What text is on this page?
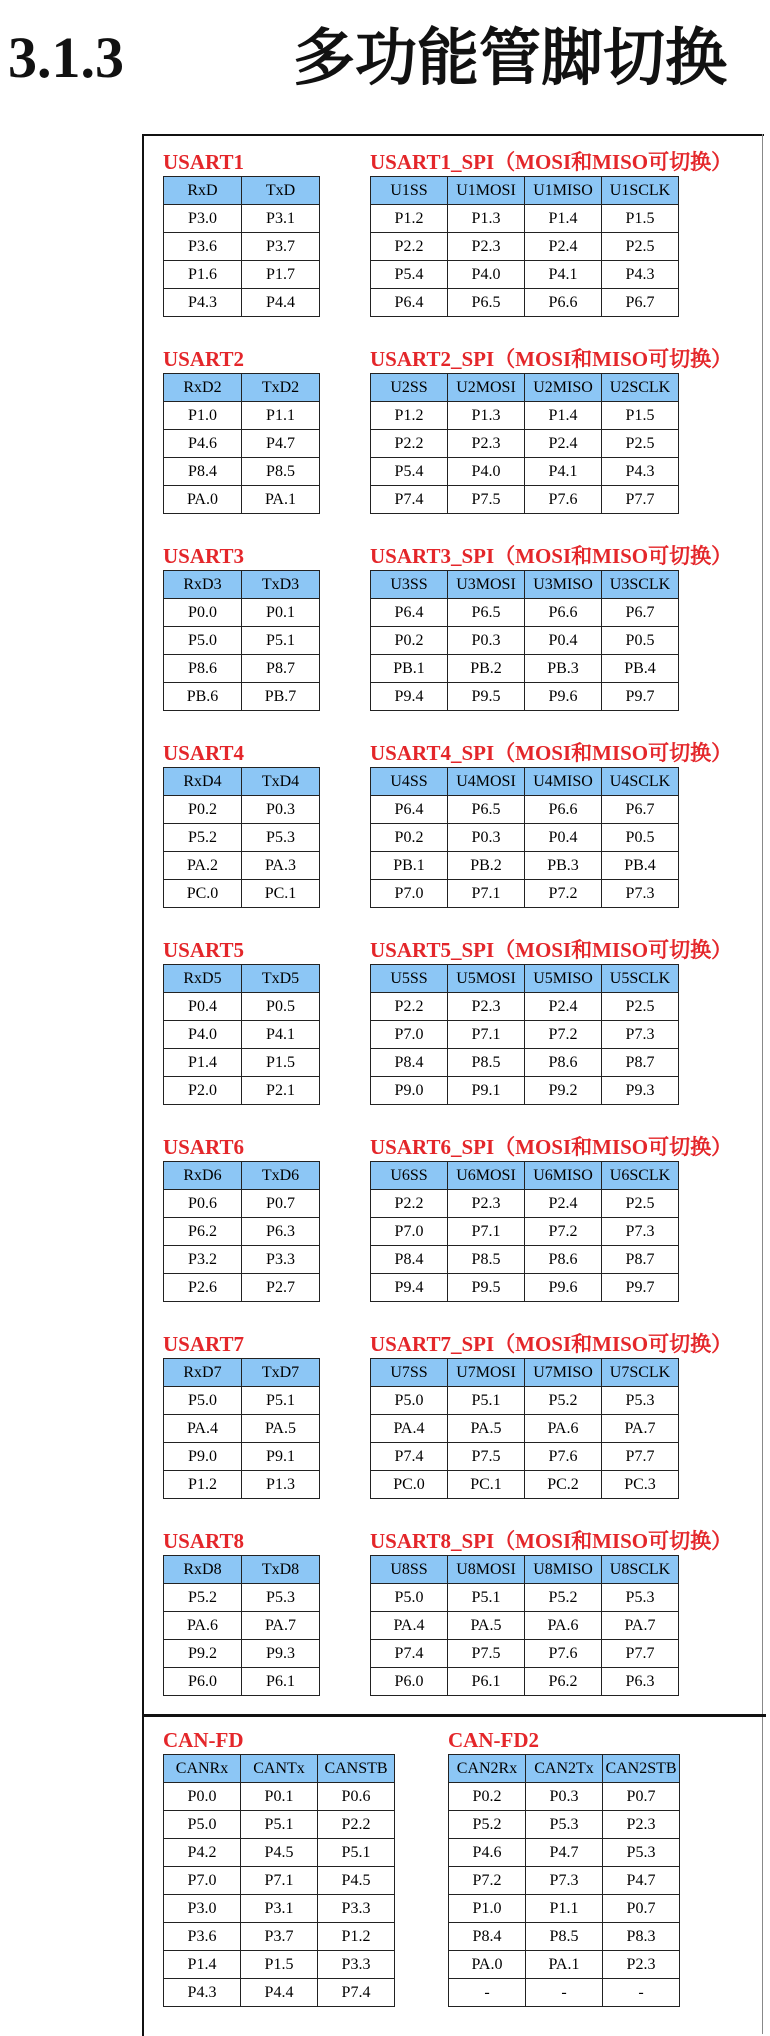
3.1.3	多功能管脚切换
USART1	USART1_SPI（MOSI和MISO可切换）
RxD	TxD
P3.0	P3.1
P3.6	P3.7
P1.6	P1.7
P4.3	P4.4
U1SS	U1MOSI	U1MISO	U1SCLK
P1.2	P1.3	P1.4	P1.5
P2.2	P2.3	P2.4	P2.5
P5.4	P4.0	P4.1	P4.3
P6.4	P6.5	P6.6	P6.7
USART2	USART2_SPI（MOSI和MISO可切换）
RxD2	TxD2
P1.0	P1.1
P4.6	P4.7
P8.4	P8.5
PA.0	PA.1
U2SS	U2MOSI	U2MISO	U2SCLK
P1.2	P1.3	P1.4	P1.5
P2.2	P2.3	P2.4	P2.5
P5.4	P4.0	P4.1	P4.3
P7.4	P7.5	P7.6	P7.7
USART3	USART3_SPI（MOSI和MISO可切换）
RxD3	TxD3
P0.0	P0.1
P5.0	P5.1
P8.6	P8.7
PB.6	PB.7
U3SS	U3MOSI	U3MISO	U3SCLK
P6.4	P6.5	P6.6	P6.7
P0.2	P0.3	P0.4	P0.5
PB.1	PB.2	PB.3	PB.4
P9.4	P9.5	P9.6	P9.7
USART4	USART4_SPI（MOSI和MISO可切换）
RxD4	TxD4
P0.2	P0.3
P5.2	P5.3
PA.2	PA.3
PC.0	PC.1
U4SS	U4MOSI	U4MISO	U4SCLK
P6.4	P6.5	P6.6	P6.7
P0.2	P0.3	P0.4	P0.5
PB.1	PB.2	PB.3	PB.4
P7.0	P7.1	P7.2	P7.3
USART5	USART5_SPI（MOSI和MISO可切换）
RxD5	TxD5
P0.4	P0.5
P4.0	P4.1
P1.4	P1.5
P2.0	P2.1
U5SS	U5MOSI	U5MISO	U5SCLK
P2.2	P2.3	P2.4	P2.5
P7.0	P7.1	P7.2	P7.3
P8.4	P8.5	P8.6	P8.7
P9.0	P9.1	P9.2	P9.3
USART6	USART6_SPI（MOSI和MISO可切换）
RxD6	TxD6
P0.6	P0.7
P6.2	P6.3
P3.2	P3.3
P2.6	P2.7
U6SS	U6MOSI	U6MISO	U6SCLK
P2.2	P2.3	P2.4	P2.5
P7.0	P7.1	P7.2	P7.3
P8.4	P8.5	P8.6	P8.7
P9.4	P9.5	P9.6	P9.7
USART7	USART7_SPI（MOSI和MISO可切换）
RxD7	TxD7
P5.0	P5.1
PA.4	PA.5
P9.0	P9.1
P1.2	P1.3
U7SS	U7MOSI	U7MISO	U7SCLK
P5.0	P5.1	P5.2	P5.3
PA.4	PA.5	PA.6	PA.7
P7.4	P7.5	P7.6	P7.7
PC.0	PC.1	PC.2	PC.3
USART8	USART8_SPI（MOSI和MISO可切换）
RxD8	TxD8
P5.2	P5.3
PA.6	PA.7
P9.2	P9.3
P6.0	P6.1
U8SS	U8MOSI	U8MISO	U8SCLK
P5.0	P5.1	P5.2	P5.3
PA.4	PA.5	PA.6	PA.7
P7.4	P7.5	P7.6	P7.7
P6.0	P6.1	P6.2	P6.3
CAN-FD
CANRx	CANTx	CANSTB
P0.0	P0.1	P0.6
P5.0	P5.1	P2.2
P4.2	P4.5	P5.1
P7.0	P7.1	P4.5
P3.0	P3.1	P3.3
P3.6	P3.7	P1.2
P1.4	P1.5	P3.3
P4.3	P4.4	P7.4
CAN-FD2
CAN2Rx	CAN2Tx	CAN2STB
P0.2	P0.3	P0.7
P5.2	P5.3	P2.3
P4.6	P4.7	P5.3
P7.2	P7.3	P4.7
P1.0	P1.1	P0.7
P8.4	P8.5	P8.3
PA.0	PA.1	P2.3
-	-	-
